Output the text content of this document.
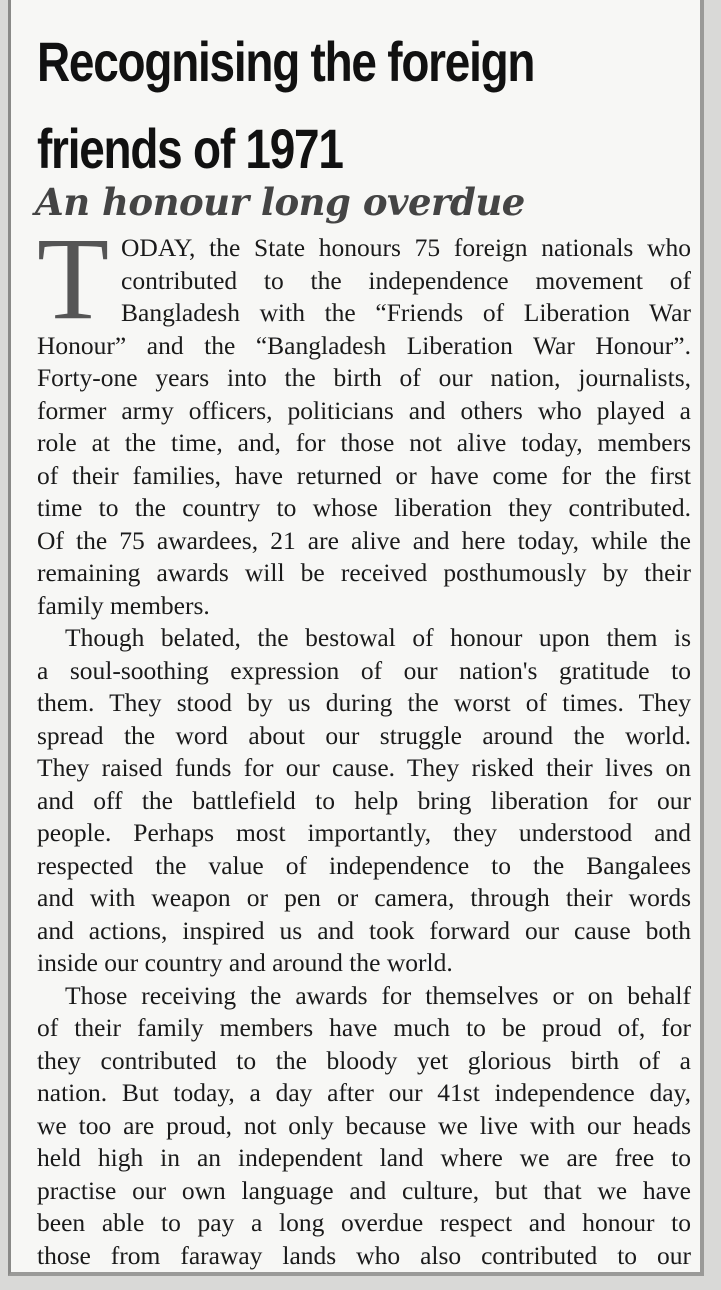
Recognising the foreign
friends of 1971
An honour long overdue
T ODAY, the State honours 75 foreign nationals who
contributed to the independence movement of
Bangladesh with the “Friends of Liberation War
Honour” and the “Bangladesh Liberation War Honour”.
Forty-one years into the birth of our nation, journalists,
former army officers, politicians and others who played a
role at the time, and, for those not alive today, members
of their families, have returned or have come for the first
time to the country to whose liberation they contributed.
Of the 75 awardees, 21 are alive and here today, while the
remaining awards will be received posthumously by their
family members.
Though belated, the bestowal of honour upon them is
a soul-soothing expression of our nation's gratitude to
them. They stood by us during the worst of times. They
spread the word about our struggle around the world.
They raised funds for our cause. They risked their lives on
and off the battlefield to help bring liberation for our
people. Perhaps most importantly, they understood and
respected the value of independence to the Bangalees
and with weapon or pen or camera, through their words
and actions, inspired us and took forward our cause both
inside our country and around the world.
Those receiving the awards for themselves or on behalf
of their family members have much to be proud of, for
they contributed to the bloody yet glorious birth of a
nation. But today, a day after our 41st independence day,
we too are proud, not only because we live with our heads
held high in an independent land where we are free to
practise our own language and culture, but that we have
been able to pay a long overdue respect and honour to
those from faraway lands who also contributed to our
